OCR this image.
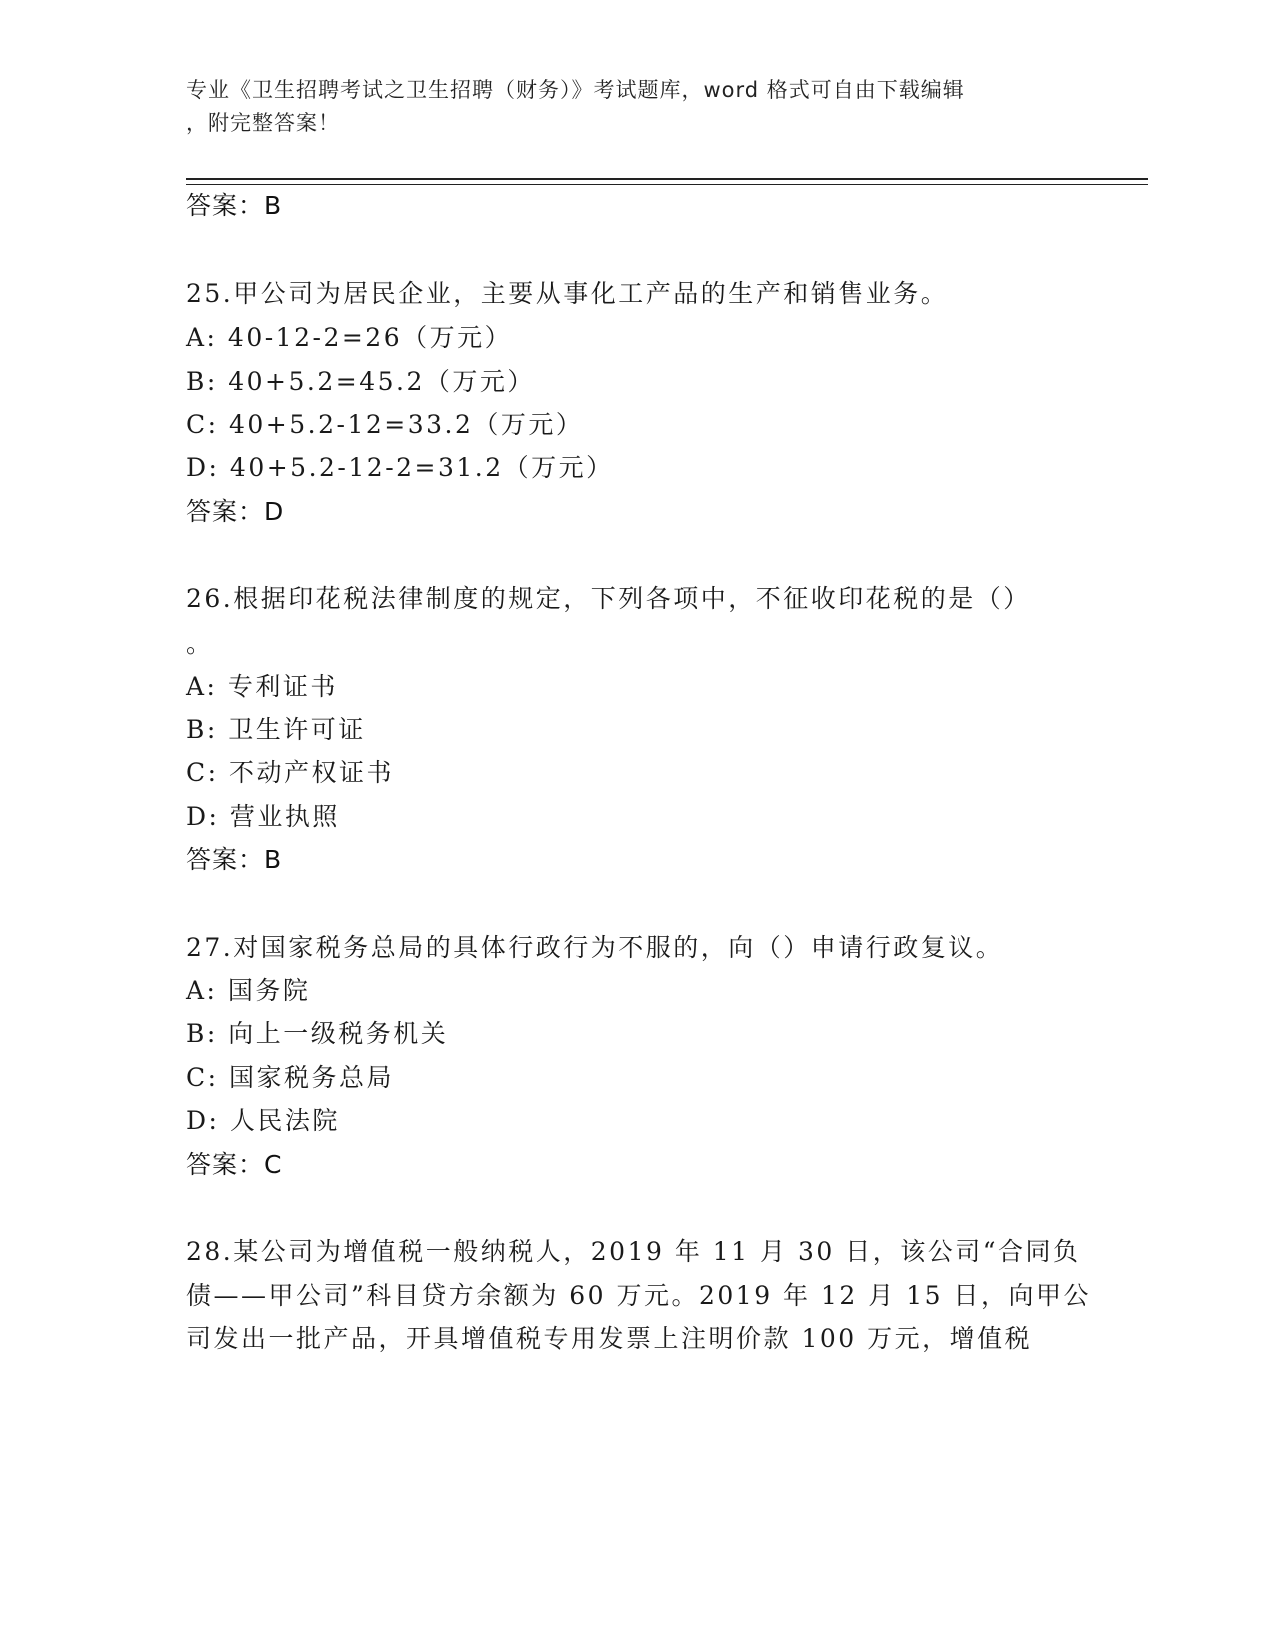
专业《卫生招聘考试之卫生招聘（财务）》考试题库，word 格式可自由下载编辑
，附完整答案！
答案：B
25.甲公司为居民企业，主要从事化工产品的生产和销售业务。
A: 40-12-2=26（万元）
B: 40+5.2=45.2（万元）
C: 40+5.2-12=33.2（万元）
D: 40+5.2-12-2=31.2（万元）
答案：D
26.根据印花税法律制度的规定，下列各项中，不征收印花税的是（）
。
A: 专利证书
B: 卫生许可证
C: 不动产权证书
D: 营业执照
答案：B
27.对国家税务总局的具体行政行为不服的，向（）申请行政复议。
A: 国务院
B: 向上一级税务机关
C: 国家税务总局
D: 人民法院
答案：C
28.某公司为增值税一般纳税人，2019 年 11 月 30 日，该公司“合同负
债——甲公司”科目贷方余额为 60 万元。2019 年 12 月 15 日，向甲公
司发出一批产品，开具增值税专用发票上注明价款 100 万元，增值税
